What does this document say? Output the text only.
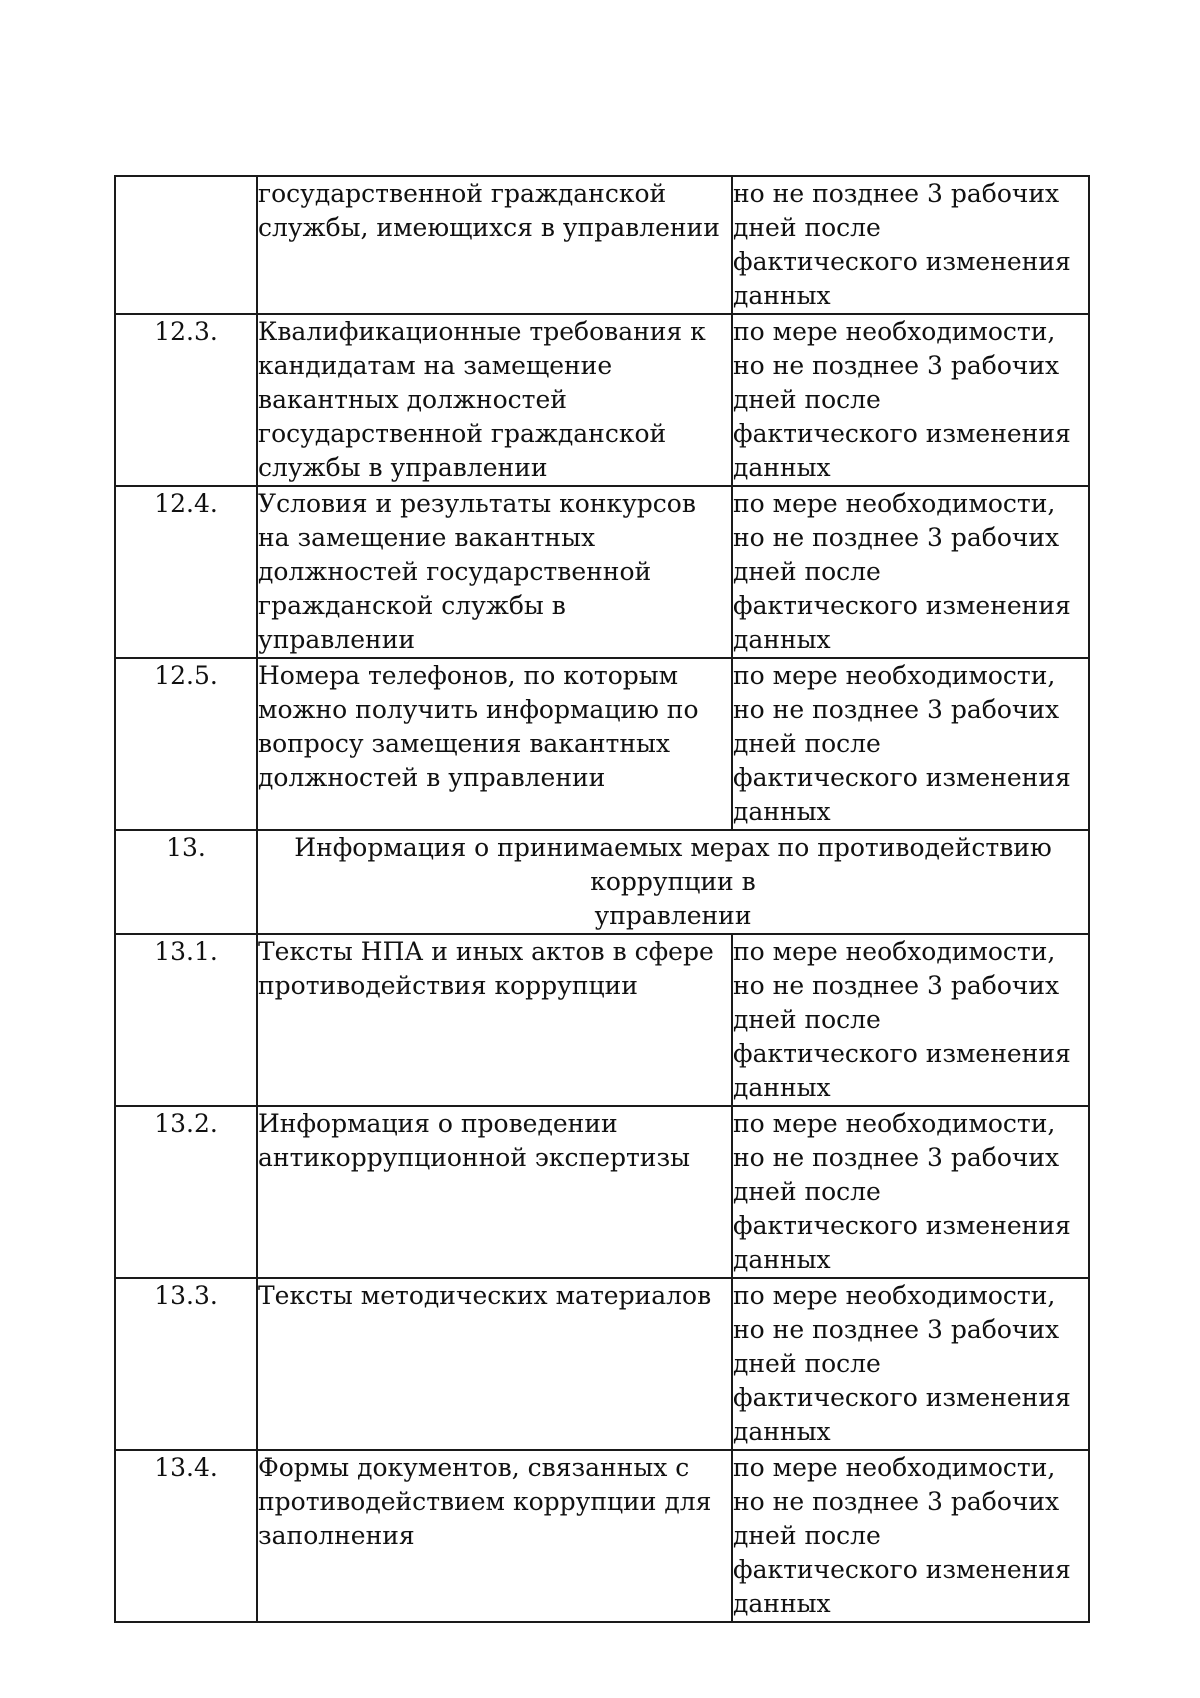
	государственной гражданской
службы, имеющихся в управлении	но не позднее 3 рабочих
дней после
фактического изменения
данных
12.3.	Квалификационные требования к
кандидатам на замещение
вакантных должностей
государственной гражданской
службы в управлении	по мере необходимости,
но не позднее 3 рабочих
дней после
фактического изменения
данных
12.4.	Условия и результаты конкурсов
на замещение вакантных
должностей государственной
гражданской службы в
управлении	по мере необходимости,
но не позднее 3 рабочих
дней после
фактического изменения
данных
12.5.	Номера телефонов, по которым
можно получить информацию по
вопросу замещения вакантных
должностей в управлении	по мере необходимости,
но не позднее 3 рабочих
дней после
фактического изменения
данных
13.	Информация о принимаемых мерах по противодействию коррупции в
управлении	
13.1.	Тексты НПА и иных актов в сфере
противодействия коррупции	по мере необходимости,
но не позднее 3 рабочих
дней после
фактического изменения
данных
13.2.	Информация о проведении
антикоррупционной экспертизы	по мере необходимости,
но не позднее 3 рабочих
дней после
фактического изменения
данных
13.3.	Тексты методических материалов	по мере необходимости,
но не позднее 3 рабочих
дней после
фактического изменения
данных
13.4.	Формы документов, связанных с
противодействием коррупции для
заполнения	по мере необходимости,
но не позднее 3 рабочих
дней после
фактического изменения
данных
